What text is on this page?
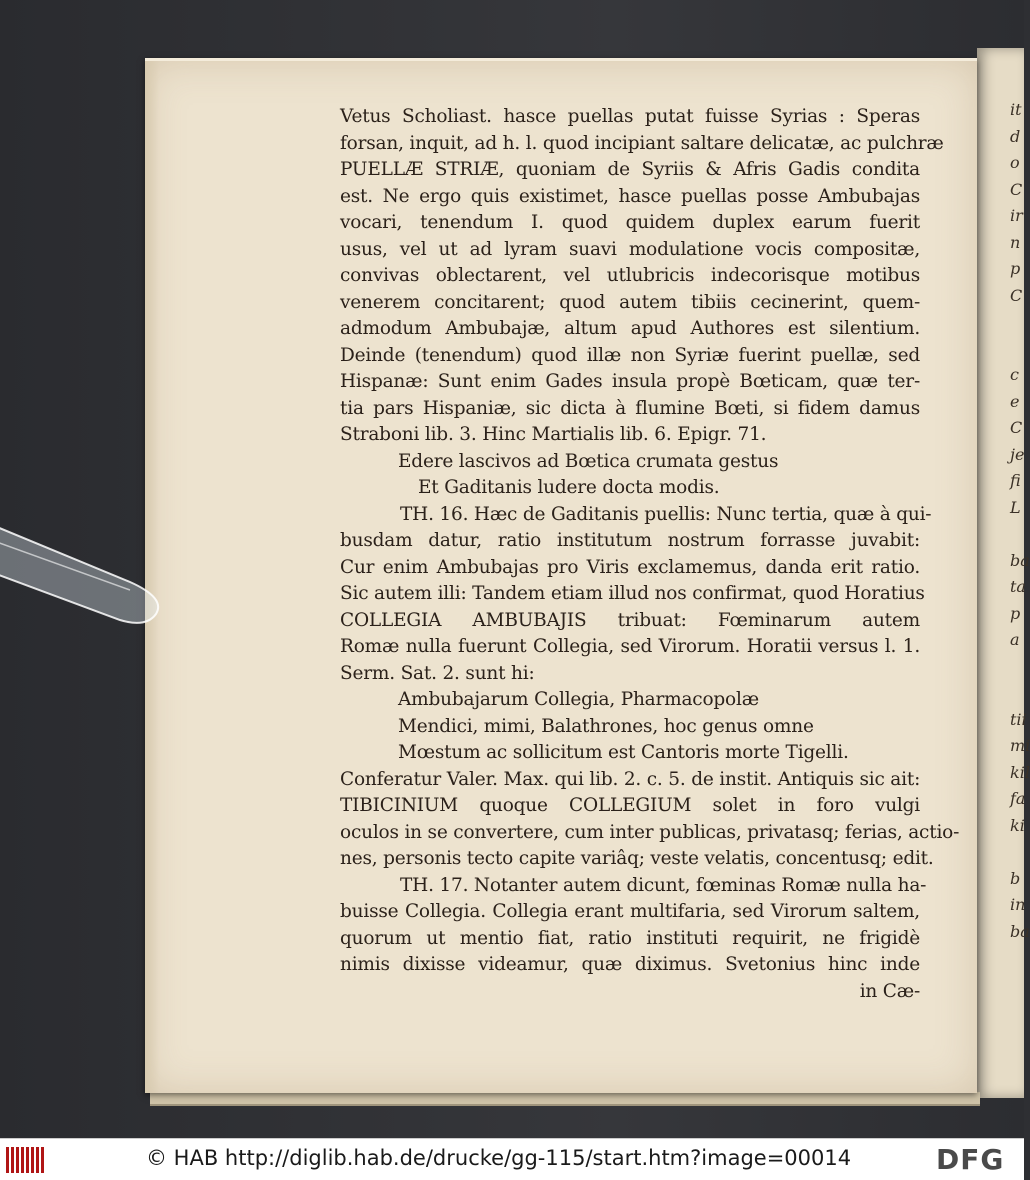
it
d
o
C
ir
n
p
C
c
e
C
je
fi
L
ba
ta
p
a
tii
mi
kil
fa
ki
b
in
ba
Vetus Scholiast. hasce puellas putat fuisse Syrias : Speras
forsan, inquit, ad h. l. quod incipiant saltare delicatæ, ac pulchræ
PUELLÆ STRIÆ, quoniam de Syriis & Afris Gadis condita
est. Ne ergo quis existimet, hasce puellas posse Ambubajas
vocari, tenendum I. quod quidem duplex earum fuerit
usus, vel ut ad lyram suavi modulatione vocis compositæ,
convivas oblectarent, vel utlubricis indecorisque motibus
venerem concitarent; quod autem tibiis cecinerint, quem-
admodum Ambubajæ, altum apud Authores est silentium.
Deinde (tenendum) quod illæ non Syriæ fuerint puellæ, sed
Hispanæ: Sunt enim Gades insula propè Bœticam, quæ ter-
tia pars Hispaniæ, sic dicta à flumine Bœti, si fidem damus
Straboni lib. 3. Hinc Martialis lib. 6. Epigr. 71.
Edere lascivos ad Bœtica crumata gestus
Et Gaditanis ludere docta modis.
TH. 16. Hæc de Gaditanis puellis: Nunc tertia, quæ à qui-
busdam datur, ratio institutum nostrum forrasse juvabit:
Cur enim Ambubajas pro Viris exclamemus, danda erit ratio.
Sic autem illi: Tandem etiam illud nos confirmat, quod Horatius
COLLEGIA AMBUBAJIS tribuat: Fœminarum autem
Romæ nulla fuerunt Collegia, sed Virorum. Horatii versus l. 1.
Serm. Sat. 2. sunt hi:
Ambubajarum Collegia, Pharmacopolæ
Mendici, mimi, Balathrones, hoc genus omne
Mœstum ac sollicitum est Cantoris morte Tigelli.
Conferatur Valer. Max. qui lib. 2. c. 5. de instit. Antiquis sic ait:
TIBICINIUM quoque COLLEGIUM solet in foro vulgi
oculos in se convertere, cum inter publicas, privatasq; ferias, actio-
nes, personis tecto capite variâq; veste velatis, concentusq; edit.
TH. 17. Notanter autem dicunt, fœminas Romæ nulla ha-
buisse Collegia. Collegia erant multifaria, sed Virorum saltem,
quorum ut mentio fiat, ratio instituti requirit, ne frigidè
nimis dixisse videamur, quæ diximus. Svetonius hinc inde
in Cæ-
© HAB http://diglib.hab.de/drucke/gg-115/start.htm?image=00014	DFG
